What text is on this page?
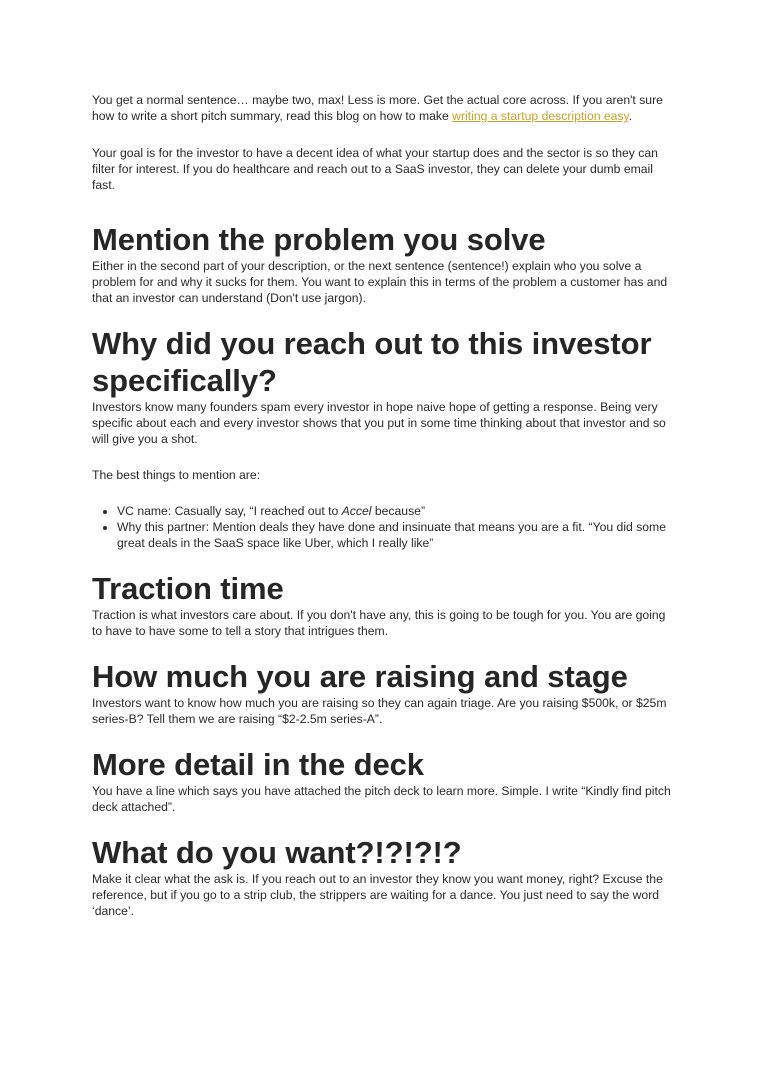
You get a normal sentence… maybe two, max! Less is more. Get the actual core across. If you aren't sure how to write a short pitch summary, read this blog on how to make writing a startup description easy.

Your goal is for the investor to have a decent idea of what your startup does and the sector is so they can filter for interest. If you do healthcare and reach out to a SaaS investor, they can delete your dumb email fast.

Mention the problem you solve

Either in the second part of your description, or the next sentence (sentence!) explain who you solve a problem for and why it sucks for them. You want to explain this in terms of the problem a customer has and that an investor can understand (Don't use jargon).

Why did you reach out to this investor specifically?

Investors know many founders spam every investor in hope naive hope of getting a response. Being very specific about each and every investor shows that you put in some time thinking about that investor and so will give you a shot.

The best things to mention are:

• VC name: Casually say, “I reached out to Accel because”
• Why this partner: Mention deals they have done and insinuate that means you are a fit. “You did some great deals in the SaaS space like Uber, which I really like”
Traction time

Traction is what investors care about. If you don't have any, this is going to be tough for you. You are going to have to have some to tell a story that intrigues them.

How much you are raising and stage

Investors want to know how much you are raising so they can again triage. Are you raising $500k, or $25m series-B? Tell them we are raising “$2-2.5m series-A”.

More detail in the deck

You have a line which says you have attached the pitch deck to learn more. Simple. I write “Kindly find pitch deck attached”.

What do you want?!?!?!?

Make it clear what the ask is. If you reach out to an investor they know you want money, right? Excuse the reference, but if you go to a strip club, the strippers are waiting for a dance. You just need to say the word ‘dance’.
